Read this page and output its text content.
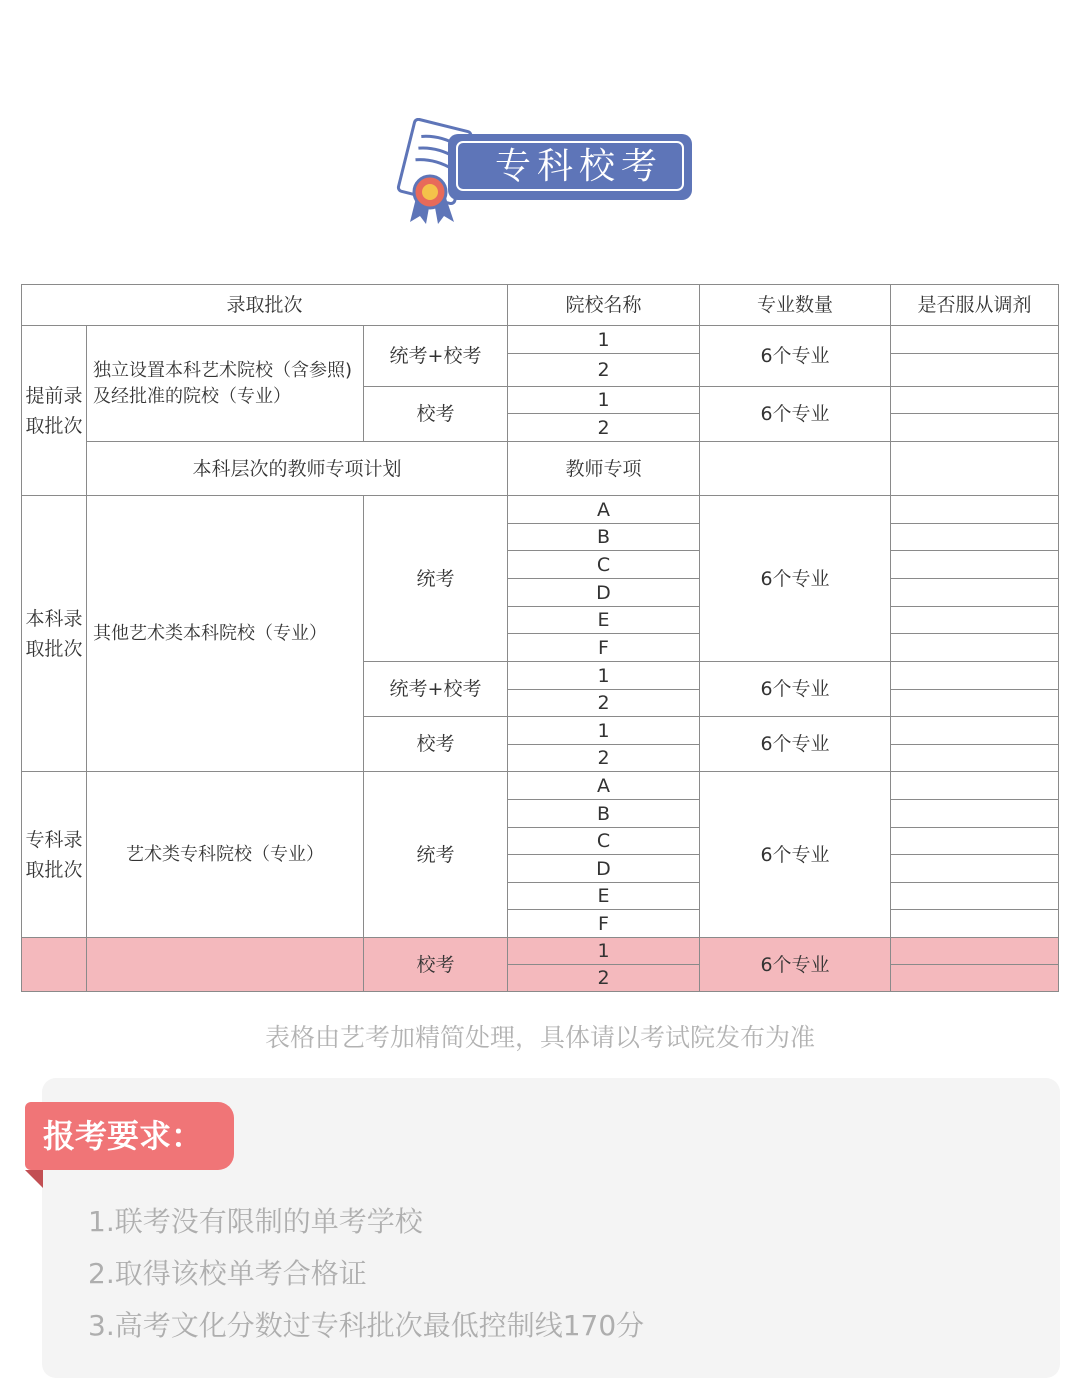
专科校考
录取批次			院校名称	专业数量	是否服从调剂
提前录取批次	独立设置本科艺术院校（含参照)及经批准的院校（专业）	统考+校考	1	6个专业	
			2		
		校考	1	6个专业	
			2		
	本科层次的教师专项计划		教师专项		
本科录取批次	其他艺术类本科院校（专业）	统考	A	6个专业	
			B		
			C		
			D		
			E		
			F		
		统考+校考	1	6个专业	
			2		
		校考	1	6个专业	
			2		
专科录取批次	艺术类专科院校（专业）	统考	A	6个专业	
			B		
			C		
			D		
			E		
			F		
		校考	1	6个专业	
			2		
表格由艺考加精简处理，具体请以考试院发布为准
报考要求：
1.联考没有限制的单考学校
2.取得该校单考合格证
3.高考文化分数过专科批次最低控制线170分
